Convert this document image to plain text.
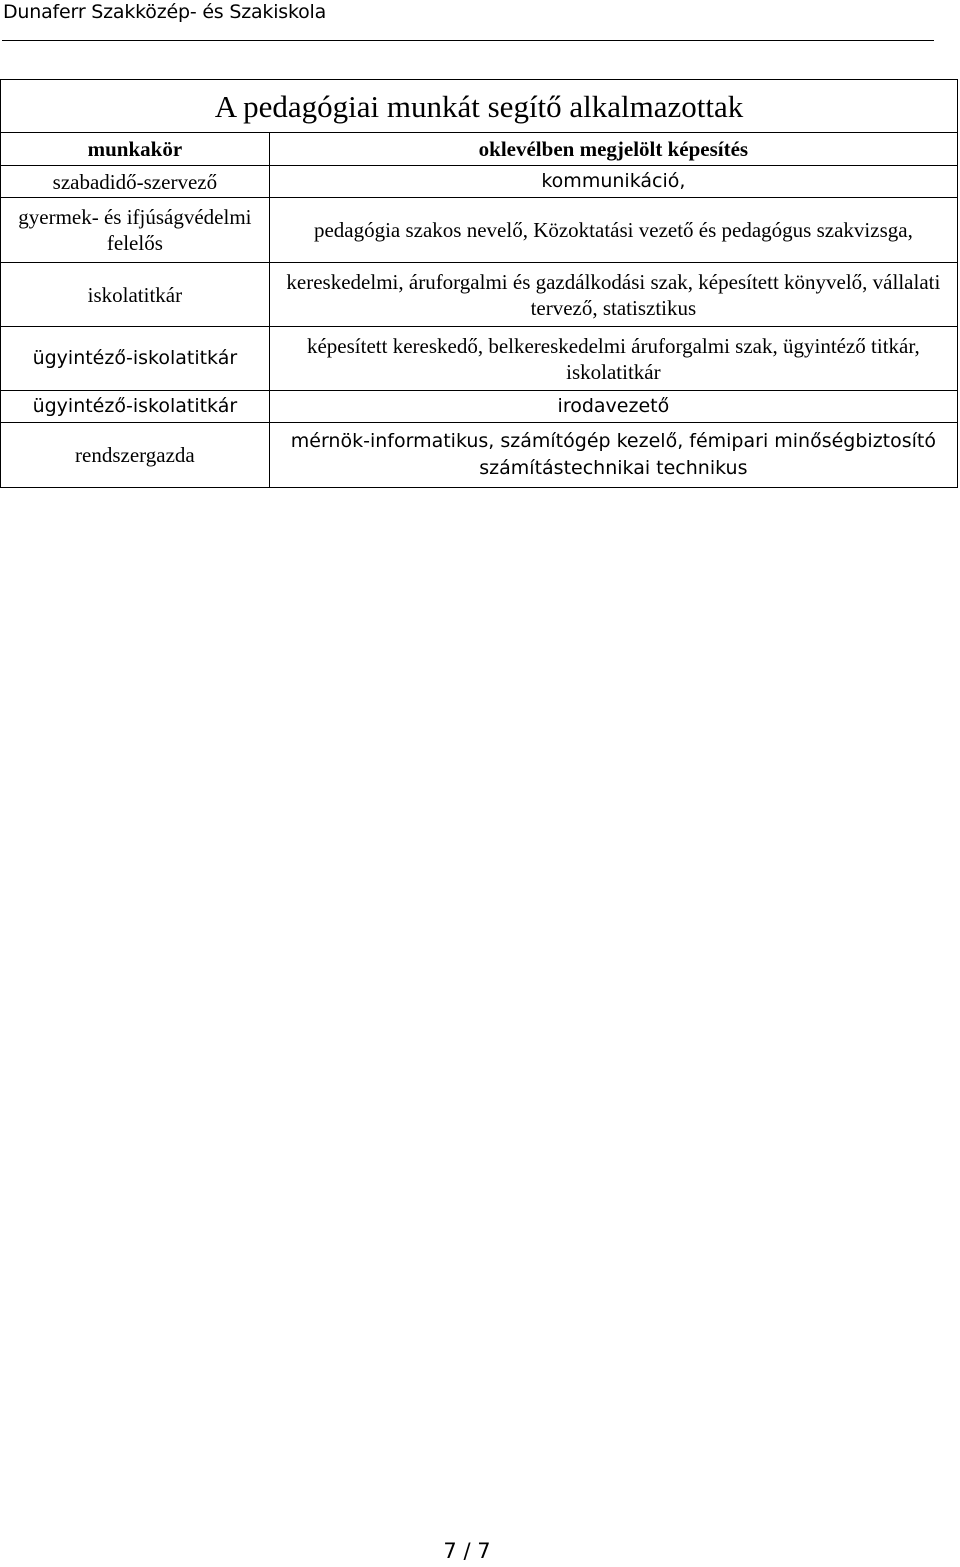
Dunaferr Szakközép- és Szakiskola
A pedagógiai munkát segítő alkalmazottak	
munkakör	oklevélben megjelölt képesítés
szabadidő-szervező	kommunikáció,
gyermek- és ifjúságvédelmi felelős	pedagógia szakos nevelő, Közoktatási vezető és pedagógus szakvizsga,
iskolatitkár	kereskedelmi, áruforgalmi és gazdálkodási szak, képesített könyvelő, vállalati tervező, statisztikus
ügyintéző-iskolatitkár	képesített kereskedő, belkereskedelmi áruforgalmi szak, ügyintéző titkár, iskolatitkár
ügyintéző-iskolatitkár	irodavezető
rendszergazda	mérnök-informatikus, számítógép kezelő, fémipari minőségbiztosító számítástechnikai technikus
7 / 7
